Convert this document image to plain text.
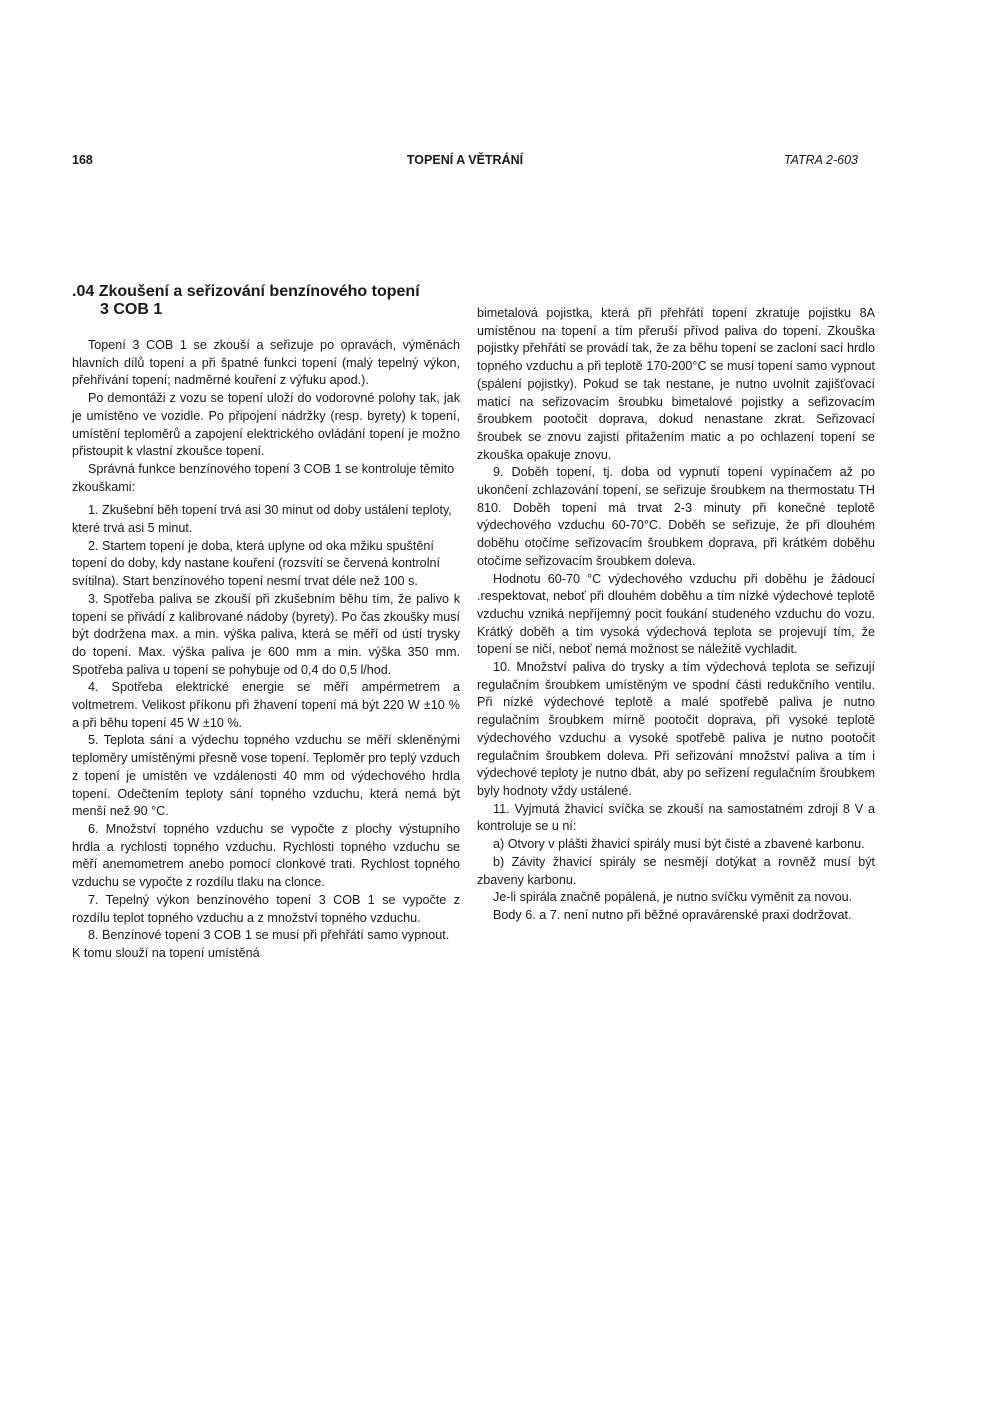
168	TOPENÍ A VĚTRÁNÍ	TATRA 2-603
.04 Zkoušení a seřizování benzínového topení
3 COB 1

Topení 3 COB 1 se zkouší a seřizuje po opravách, výměnách hlavních dílů topení a při špatné funkci topení (malý tepelný výkon, přehřívání topení; nadměrné kouření z výfuku apod.).

Po demontáži z vozu se topení uloží do vodorovné polohy tak, jak je umístěno ve vozidle. Po připojení nádržky (resp. byrety) k topení, umístění teploměrů a zapojení elektrického ovládání topení je možno přistoupit k vlastní zkoušce topení.

Správná funkce benzínového topení 3 COB 1 se kontroluje těmito zkouškami:

1. Zkušební běh topení trvá asi 30 minut od doby ustálení teploty, které trvá asi 5 minut.

2. Startem topení je doba, která uplyne od oka mžiku spuštění topení do doby, kdy nastane kouření (rozsvítí se červená kontrolní svítilna). Start benzínového topení nesmí trvat déle než 100 s.

3. Spotřeba paliva se zkouší při zkušebním běhu tím, že palivo k topení se přivádí z kalibrované nádoby (byrety). Po čas zkoušky musí být dodržena max. a min. výška paliva, která se měří od ústí trysky do topení. Max. výška paliva je 600 mm a min. výška 350 mm. Spotřeba paliva u topení se pohybuje od 0,4 do 0,5 l/hod.

4. Spotřeba elektrické energie se měří ampérmetrem a voltmetrem. Velikost příkonu při žhavení topení má být 220 W ±10 % a při běhu topení 45 W ±10 %.

5. Teplota sání a výdechu topného vzduchu se měří skleněnými teploměry umístěnými přesně vose topení. Teploměr pro teplý vzduch z topení je umístěn ve vzdálenosti 40 mm od výdechového hrdla topení. Odečtením teploty sání topného vzduchu, která nemá být menší než 90 °C.

6. Množství topného vzduchu se vypočte z plochy výstupního hrdla a rychlosti topného vzduchu. Rychlosti topného vzduchu se měří anemometrem anebo pomocí clonkové trati. Rychlost topného vzduchu se vypočte z rozdílu tlaku na clonce.

7. Tepelný výkon benzínového topení 3 COB 1 se vypočte z rozdílu teplot topného vzduchu a z množství topného vzduchu.

8. Benzínové topení 3 COB 1 se musí při přehřátí samo vypnout. K tomu slouží na topení umístěná

bimetalová pojistka, která při přehřátí topení zkratuje pojistku 8A umístěnou na topení a tím přeruší přívod paliva do topení. Zkouška pojistky přehřátí se provádí tak, že za běhu topení se zacloní sací hrdlo topného vzduchu a při teplotě 170-200°C se musí topení samo vypnout (spálení pojistky). Pokud se tak nestane, je nutno uvolnit zajišťovací maticí na seřizovacím šroubku bimetalové pojistky a seřizovacím šroubkem pootočit doprava, dokud nenastane zkrat. Seřizovací šroubek se znovu zajistí přitažením matic a po ochlazení topení se zkouška opakuje znovu.

9. Doběh topení, tj. doba od vypnutí topení vypínačem až po ukončení zchlazování topení, se seřizuje šroubkem na thermostatu TH 810. Doběh topení má trvat 2-3 minuty při konečné teplotě výdechového vzduchu 60-70°C. Doběh se seřizuje, že při dlouhém doběhu otočíme seřizovacím šroubkem doprava, při krátkém doběhu otočíme seřizovacím šroubkem doleva.

Hodnotu 60-70 °C výdechového vzduchu při doběhu je žádoucí .respektovat, neboť při dlouhém doběhu a tím nízké výdechové teplotě vzduchu vzniká nepříjemný pocit foukání studeného vzduchu do vozu. Krátký doběh a tím vysoká výdechová teplota se projevují tím, že topení se ničí, neboť nemá možnost se náležitě vychladit.

10. Množství paliva do trysky a tím výdechová teplota se seřizují regulačním šroubkem umístěným ve spodní části redukčního ventilu. Při nízké výdechové teplotě a malé spotřebě paliva je nutno regulačním šroubkem mírně pootočit doprava, při vysoké teplotě výdechového vzduchu a vysoké spotřebě paliva je nutno pootočit regulačním šroubkem doleva. Při seřizování množství paliva a tím i výdechové teploty je nutno dbát, aby po seřízení regulačním šroubkem byly hodnoty vždy ustálené.

11. Vyjmutá žhavicí svíčka se zkouší na samostatném zdroji 8 V a kontroluje se u ní:

a) Otvory v plášti žhavicí spirály musí být čisté a zbavené karbonu.

b) Závity žhavicí spirály se nesmějí dotýkat a rovněž musí být zbaveny karbonu.

Je-li spirála značně popálená, je nutno svíčku vyměnit za novou.

Body 6. a 7. není nutno při běžné opravárenské praxi dodržovat.
